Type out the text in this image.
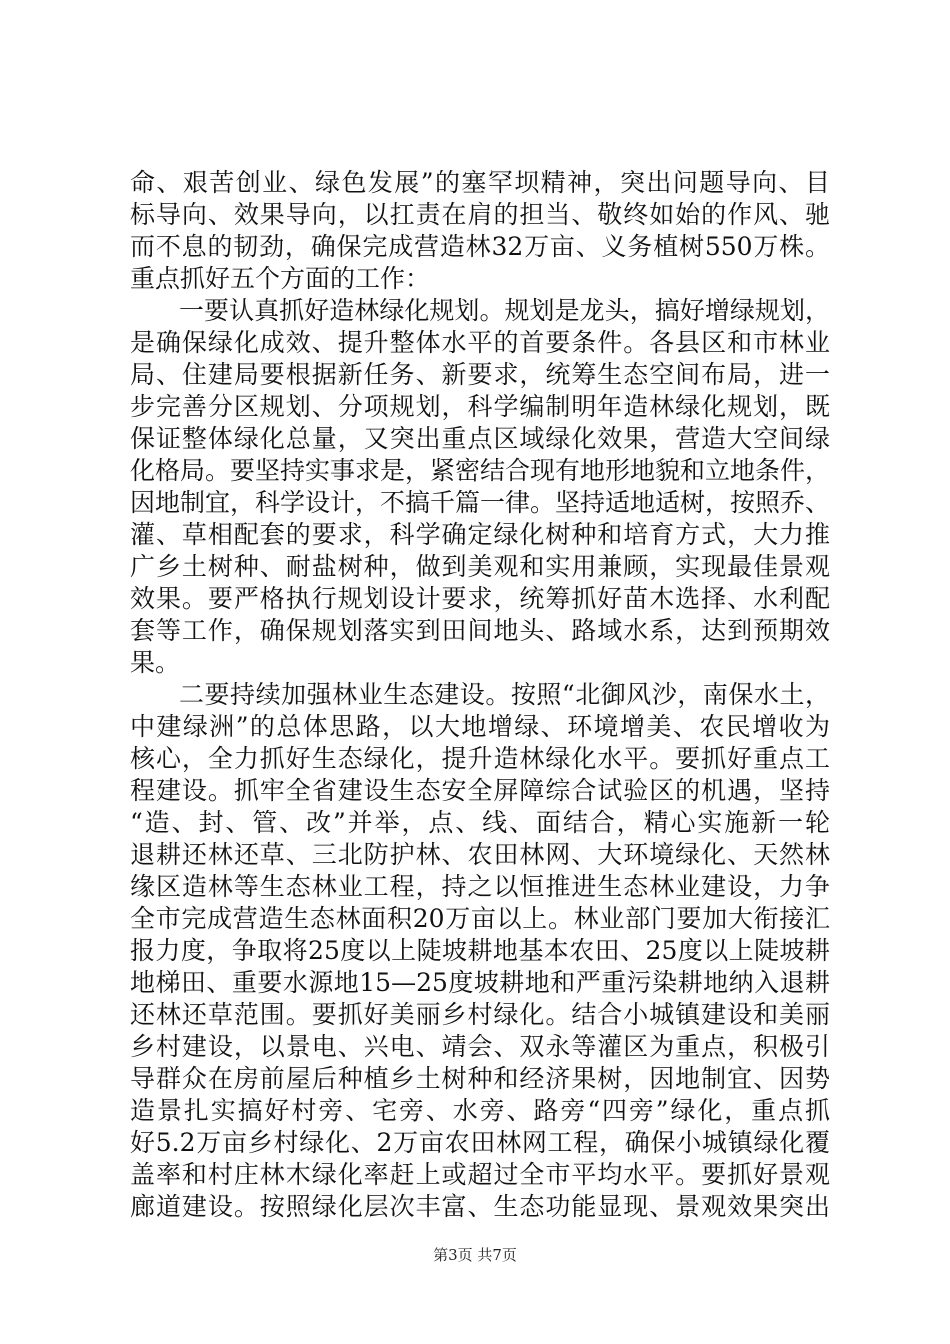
命、艰苦创业、绿色发展”的塞罕坝精神，突出问题导向、目
标导向、效果导向，以扛责在肩的担当、敬终如始的作风、驰
而不息的韧劲，确保完成营造林32万亩、义务植树550万株。
重点抓好五个方面的工作：
一要认真抓好造林绿化规划。规划是龙头，搞好增绿规划，
是确保绿化成效、提升整体水平的首要条件。各县区和市林业
局、住建局要根据新任务、新要求，统筹生态空间布局，进一
步完善分区规划、分项规划，科学编制明年造林绿化规划，既
保证整体绿化总量，又突出重点区域绿化效果，营造大空间绿
化格局。要坚持实事求是，紧密结合现有地形地貌和立地条件，
因地制宜，科学设计，不搞千篇一律。坚持适地适树，按照乔、
灌、草相配套的要求，科学确定绿化树种和培育方式，大力推
广乡土树种、耐盐树种，做到美观和实用兼顾，实现最佳景观
效果。要严格执行规划设计要求，统筹抓好苗木选择、水利配
套等工作，确保规划落实到田间地头、路域水系，达到预期效
果。
二要持续加强林业生态建设。按照“北御风沙，南保水土，
中建绿洲”的总体思路，以大地增绿、环境增美、农民增收为
核心，全力抓好生态绿化，提升造林绿化水平。要抓好重点工
程建设。抓牢全省建设生态安全屏障综合试验区的机遇，坚持
“造、封、管、改”并举，点、线、面结合，精心实施新一轮
退耕还林还草、三北防护林、农田林网、大环境绿化、天然林
缘区造林等生态林业工程，持之以恒推进生态林业建设，力争
全市完成营造生态林面积20万亩以上。林业部门要加大衔接汇
报力度，争取将25度以上陡坡耕地基本农田、25度以上陡坡耕
地梯田、重要水源地15—25度坡耕地和严重污染耕地纳入退耕
还林还草范围。要抓好美丽乡村绿化。结合小城镇建设和美丽
乡村建设，以景电、兴电、靖会、双永等灌区为重点，积极引
导群众在房前屋后种植乡土树种和经济果树，因地制宜、因势
造景扎实搞好村旁、宅旁、水旁、路旁“四旁”绿化，重点抓
好5.2万亩乡村绿化、2万亩农田林网工程，确保小城镇绿化覆
盖率和村庄林木绿化率赶上或超过全市平均水平。要抓好景观
廊道建设。按照绿化层次丰富、生态功能显现、景观效果突出
第3页 共7页
